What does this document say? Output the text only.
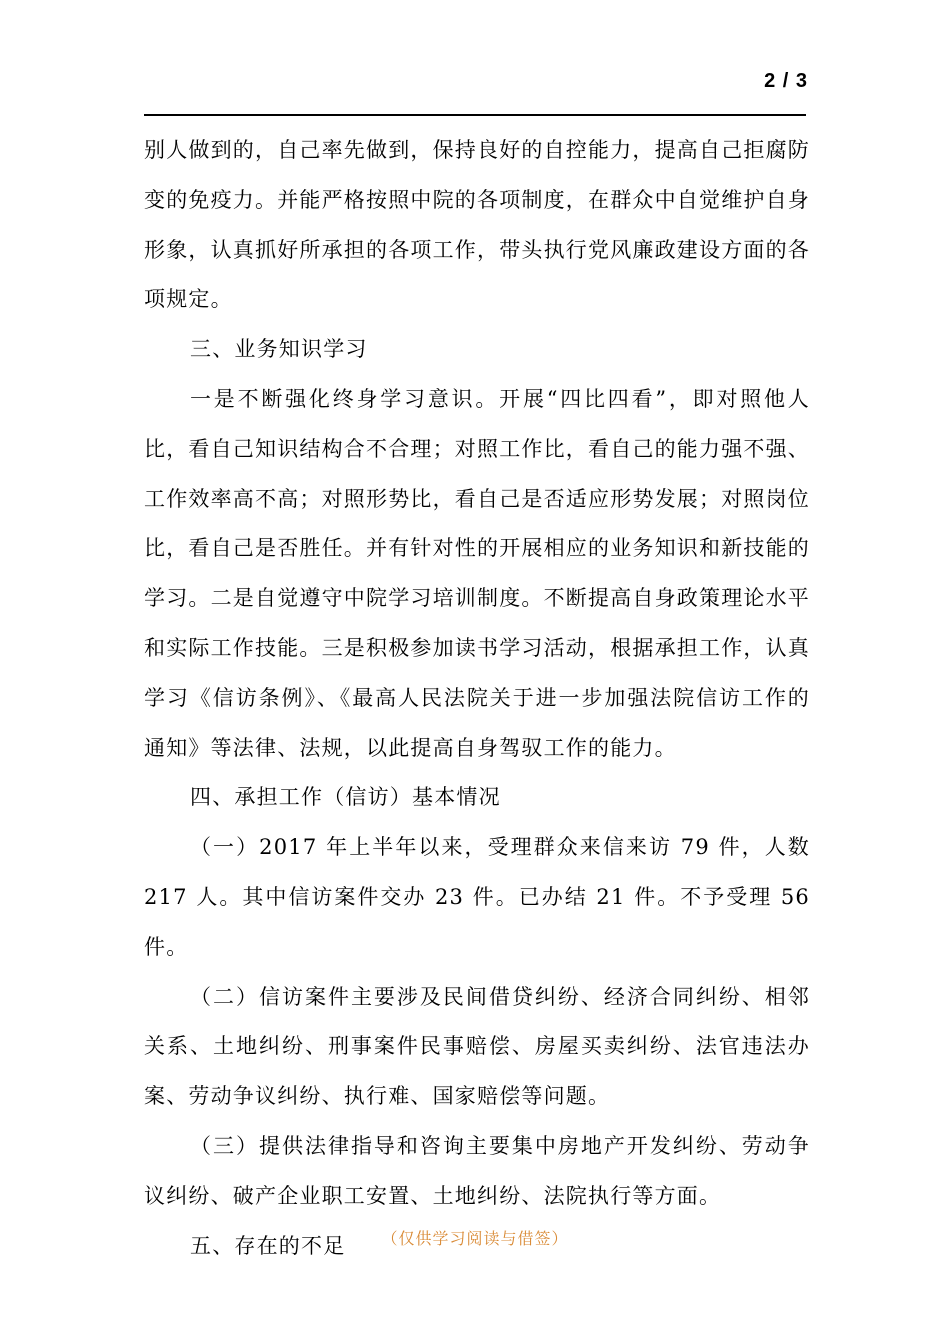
2 / 3

别人做到的，自己率先做到，保持良好的自控能力，提高自己拒腐防变的免疫力。并能严格按照中院的各项制度，在群众中自觉维护自身形象，认真抓好所承担的各项工作，带头执行党风廉政建设方面的各项规定。

三、业务知识学习

一是不断强化终身学习意识。开展“四比四看”，即对照他人比，看自己知识结构合不合理；对照工作比，看自己的能力强不强、工作效率高不高；对照形势比，看自己是否适应形势发展；对照岗位比，看自己是否胜任。并有针对性的开展相应的业务知识和新技能的学习。二是自觉遵守中院学习培训制度。不断提高自身政策理论水平和实际工作技能。三是积极参加读书学习活动，根据承担工作，认真学习《信访条例》、《最高人民法院关于进一步加强法院信访工作的通知》等法律、法规，以此提高自身驾驭工作的能力。

四、承担工作（信访）基本情况

（一）2017 年上半年以来，受理群众来信来访 79 件，人数 217 人。其中信访案件交办 23 件。已办结 21 件。不予受理 56 件。

（二）信访案件主要涉及民间借贷纠纷、经济合同纠纷、相邻关系、土地纠纷、刑事案件民事赔偿、房屋买卖纠纷、法官违法办案、劳动争议纠纷、执行难、国家赔偿等问题。

（三）提供法律指导和咨询主要集中房地产开发纠纷、劳动争议纠纷、破产企业职工安置、土地纠纷、法院执行等方面。

五、存在的不足	（仅供学习阅读与借签）
